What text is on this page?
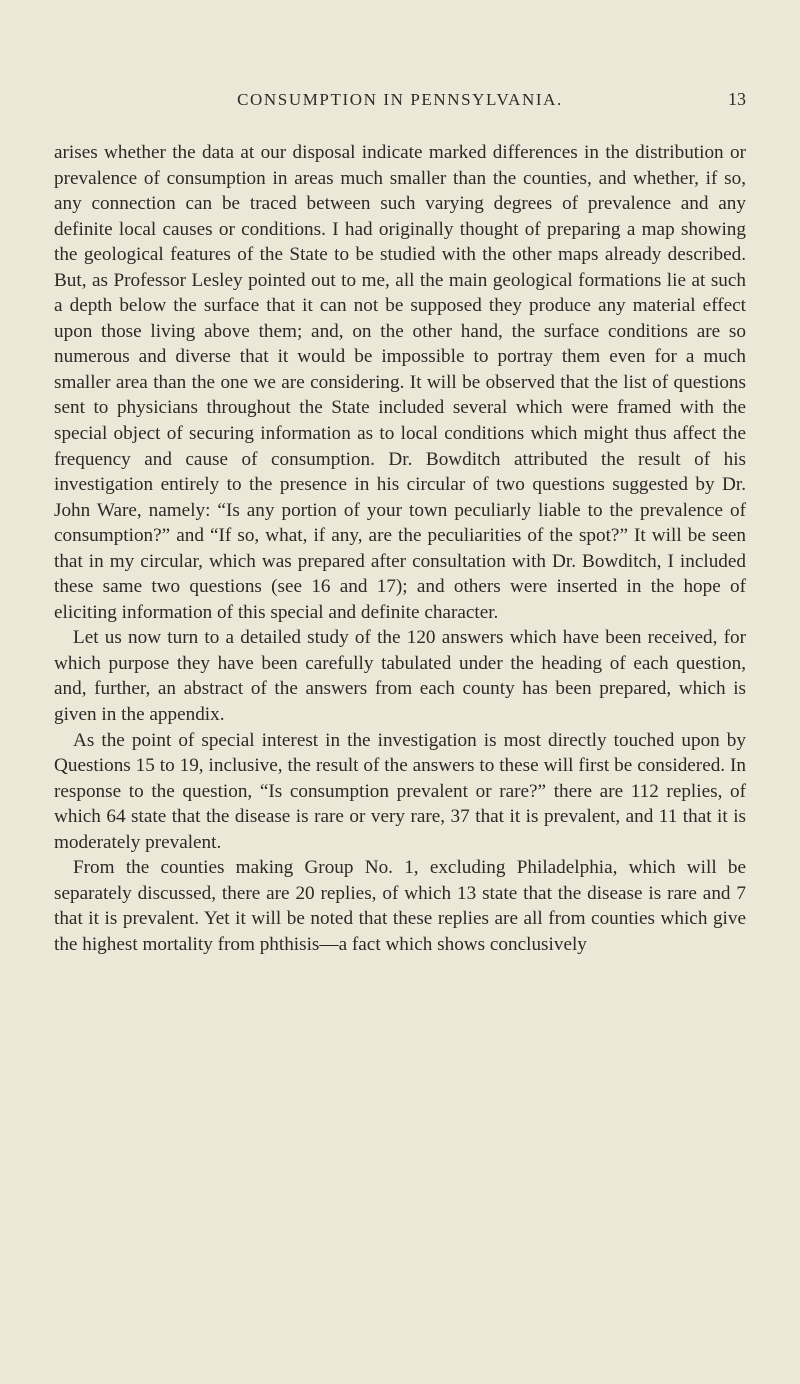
CONSUMPTION IN PENNSYLVANIA.	13

arises whether the data at our disposal indicate marked differences in the distribution or prevalence of consumption in areas much smaller than the counties, and whether, if so, any connection can be traced between such varying degrees of prevalence and any definite local causes or conditions. I had originally thought of preparing a map showing the geological features of the State to be studied with the other maps already described. But, as Professor Lesley pointed out to me, all the main geological formations lie at such a depth below the surface that it can not be supposed they produce any material effect upon those living above them; and, on the other hand, the surface conditions are so numerous and diverse that it would be impossible to portray them even for a much smaller area than the one we are considering. It will be observed that the list of questions sent to physicians throughout the State included several which were framed with the special object of securing information as to local conditions which might thus affect the frequency and cause of consumption. Dr. Bowditch attributed the result of his investigation entirely to the presence in his circular of two questions suggested by Dr. John Ware, namely: “Is any portion of your town peculiarly liable to the prevalence of consumption?” and “If so, what, if any, are the peculiarities of the spot?” It will be seen that in my circular, which was prepared after consultation with Dr. Bowditch, I included these same two questions (see 16 and 17); and others were inserted in the hope of eliciting information of this special and definite character.

Let us now turn to a detailed study of the 120 answers which have been received, for which purpose they have been carefully tabulated under the heading of each question, and, further, an abstract of the answers from each county has been prepared, which is given in the appendix.

As the point of special interest in the investigation is most directly touched upon by Questions 15 to 19, inclusive, the result of the answers to these will first be considered. In response to the question, “Is consumption prevalent or rare?” there are 112 replies, of which 64 state that the disease is rare or very rare, 37 that it is prevalent, and 11 that it is moderately prevalent.

From the counties making Group No. 1, excluding Philadelphia, which will be separately discussed, there are 20 replies, of which 13 state that the disease is rare and 7 that it is prevalent. Yet it will be noted that these replies are all from counties which give the highest mortality from phthisis—a fact which shows conclusively
